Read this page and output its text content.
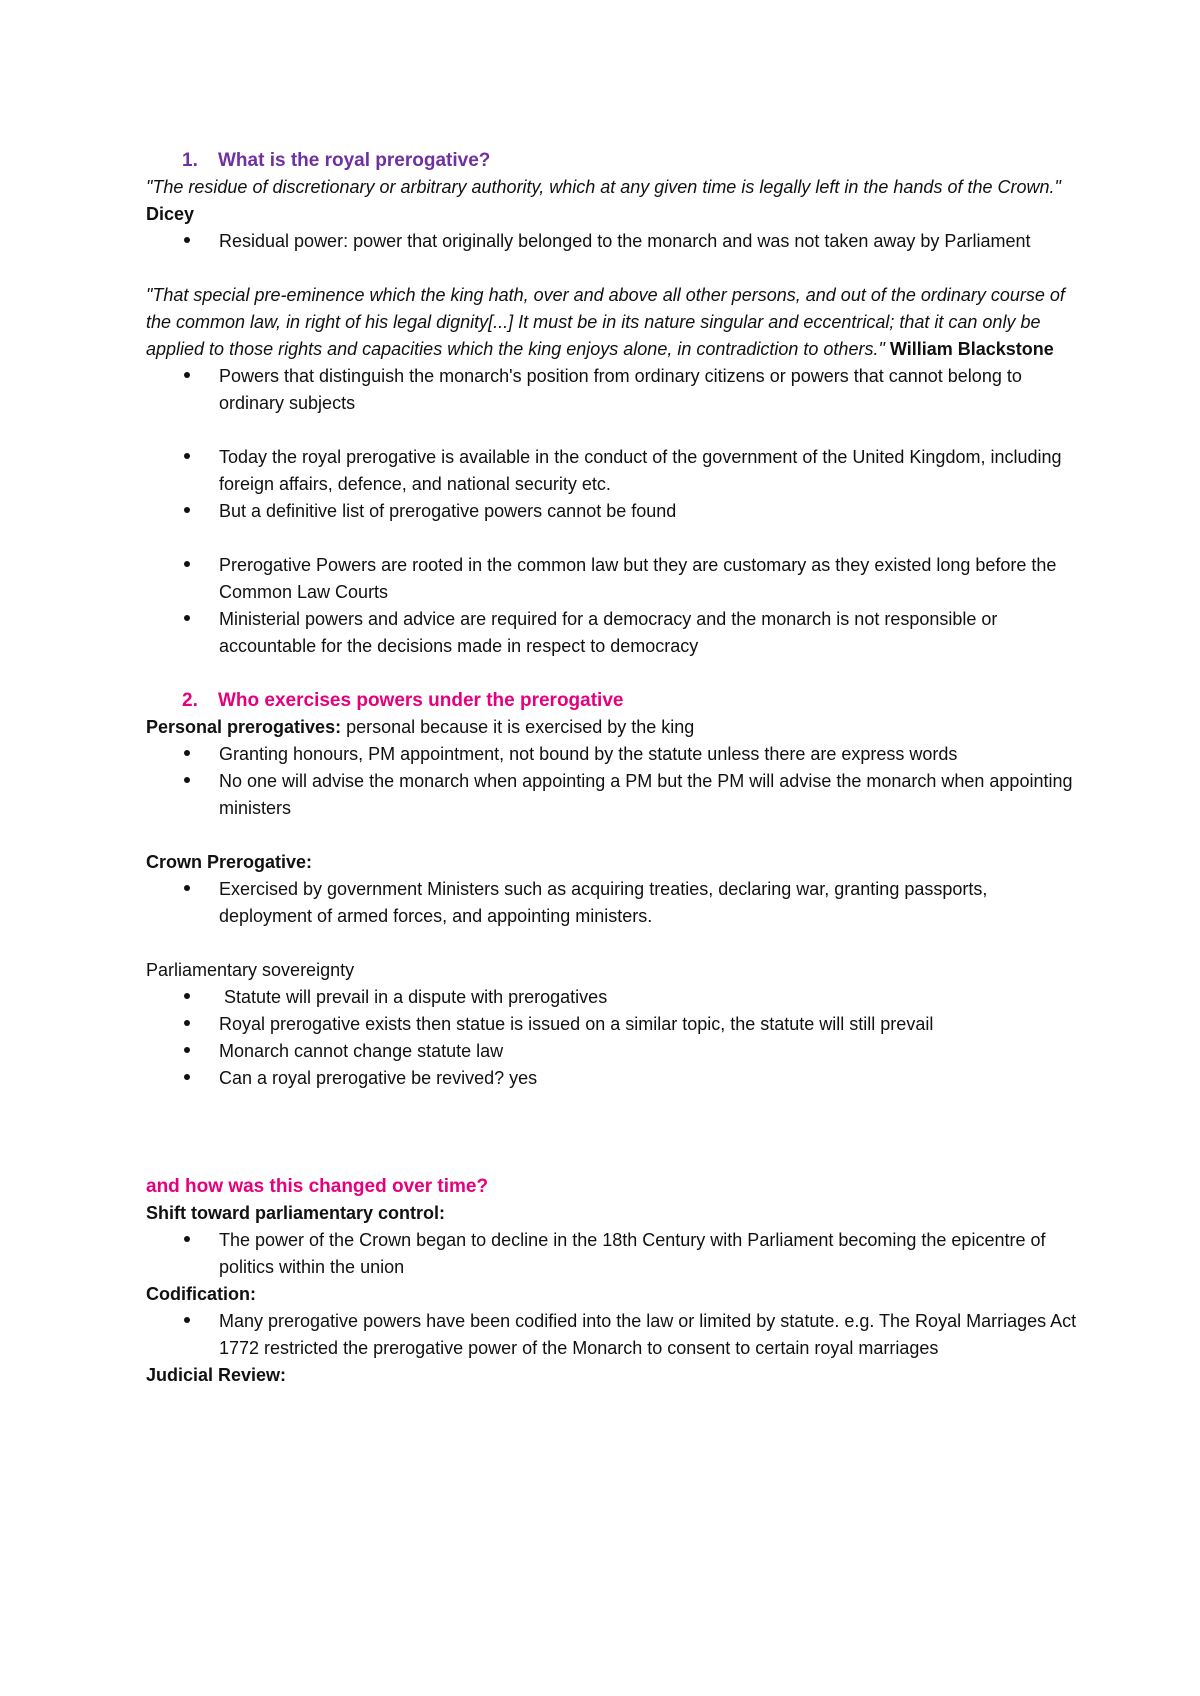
1.	What is the royal prerogative?

"The residue of discretionary or arbitrary authority, which at any given time is legally left in the hands of the Crown." Dicey

Residual power: power that originally belonged to the monarch and was not taken away by Parliament

"That special pre-eminence which the king hath, over and above all other persons, and out of the ordinary course of the common law, in right of his legal dignity[...] It must be in its nature singular and eccentrical; that it can only be applied to those rights and capacities which the king enjoys alone, in contradiction to others." William Blackstone

Powers that distinguish the monarch's position from ordinary citizens or powers that cannot belong to ordinary subjects
Today the royal prerogative is available in the conduct of the government of the United Kingdom, including foreign affairs, defence, and national security etc.
But a definitive list of prerogative powers cannot be found
Prerogative Powers are rooted in the common law but they are customary as they existed long before the Common Law Courts
Ministerial powers and advice are required for a democracy and the monarch is not responsible or accountable for the decisions made in respect to democracy

2.	Who exercises powers under the prerogative

Personal prerogatives: personal because it is exercised by the king

Granting honours, PM appointment, not bound by the statute unless there are express words
No one will advise the monarch when appointing a PM but the PM will advise the monarch when appointing ministers

Crown Prerogative:

Exercised by government Ministers such as acquiring treaties, declaring war, granting passports, deployment of armed forces, and appointing ministers.

Parliamentary sovereignty

Statute will prevail in a dispute with prerogatives
Royal prerogative exists then statue is issued on a similar topic, the statute will still prevail
Monarch cannot change statute law
Can a royal prerogative be revived? yes

and how was this changed over time?

Shift toward parliamentary control:

The power of the Crown began to decline in the 18th Century with Parliament becoming the epicentre of politics within the union

Codification:

Many prerogative powers have been codified into the law or limited by statute. e.g. The Royal Marriages Act 1772 restricted the prerogative power of the Monarch to consent to certain royal marriages

Judicial Review:
